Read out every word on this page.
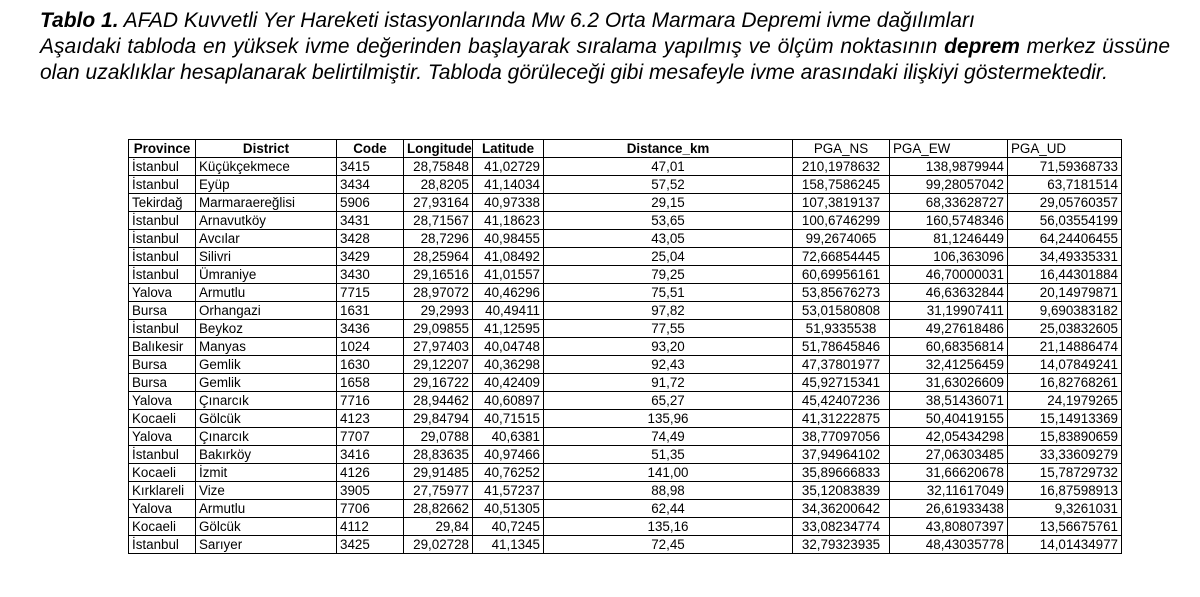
Tablo 1. AFAD Kuvvetli Yer Hareketi istasyonlarında Mw 6.2 Orta Marmara Depremi ivme dağılımları

Aşaıdaki tabloda en yüksek ivme değerinden başlayarak sıralama yapılmış ve ölçüm noktasının deprem merkez üssüne olan uzaklıklar hesaplanarak belirtilmiştir. Tabloda görüleceği gibi mesafeyle ivme arasındaki ilişkiyi göstermektedir.

Province	District	Code	Longitude	Latitude	Distance_km	PGA_NS	PGA_EW	PGA_UD
İstanbul	Küçükçekmece	3415	28,75848	41,02729	47,01	210,1978632	138,9879944	71,59368733
İstanbul	Eyüp	3434	28,8205	41,14034	57,52	158,7586245	99,28057042	63,7181514
Tekirdağ	Marmaraereğlisi	5906	27,93164	40,97338	29,15	107,3819137	68,33628727	29,05760357
İstanbul	Arnavutköy	3431	28,71567	41,18623	53,65	100,6746299	160,5748346	56,03554199
İstanbul	Avcılar	3428	28,7296	40,98455	43,05	99,2674065	81,1246449	64,24406455
İstanbul	Silivri	3429	28,25964	41,08492	25,04	72,66854445	106,363096	34,49335331
İstanbul	Ümraniye	3430	29,16516	41,01557	79,25	60,69956161	46,70000031	16,44301884
Yalova	Armutlu	7715	28,97072	40,46296	75,51	53,85676273	46,63632844	20,14979871
Bursa	Orhangazi	1631	29,2993	40,49411	97,82	53,01580808	31,19907411	9,690383182
İstanbul	Beykoz	3436	29,09855	41,12595	77,55	51,9335538	49,27618486	25,03832605
Balıkesir	Manyas	1024	27,97403	40,04748	93,20	51,78645846	60,68356814	21,14886474
Bursa	Gemlik	1630	29,12207	40,36298	92,43	47,37801977	32,41256459	14,07849241
Bursa	Gemlik	1658	29,16722	40,42409	91,72	45,92715341	31,63026609	16,82768261
Yalova	Çınarcık	7716	28,94462	40,60897	65,27	45,42407236	38,51436071	24,1979265
Kocaeli	Gölcük	4123	29,84794	40,71515	135,96	41,31222875	50,40419155	15,14913369
Yalova	Çınarcık	7707	29,0788	40,6381	74,49	38,77097056	42,05434298	15,83890659
İstanbul	Bakırköy	3416	28,83635	40,97466	51,35	37,94964102	27,06303485	33,33609279
Kocaeli	İzmit	4126	29,91485	40,76252	141,00	35,89666833	31,66620678	15,78729732
Kırklareli	Vize	3905	27,75977	41,57237	88,98	35,12083839	32,11617049	16,87598913
Yalova	Armutlu	7706	28,82662	40,51305	62,44	34,36200642	26,61933438	9,3261031
Kocaeli	Gölcük	4112	29,84	40,7245	135,16	33,08234774	43,80807397	13,56675761
İstanbul	Sarıyer	3425	29,02728	41,1345	72,45	32,79323935	48,43035778	14,01434977
